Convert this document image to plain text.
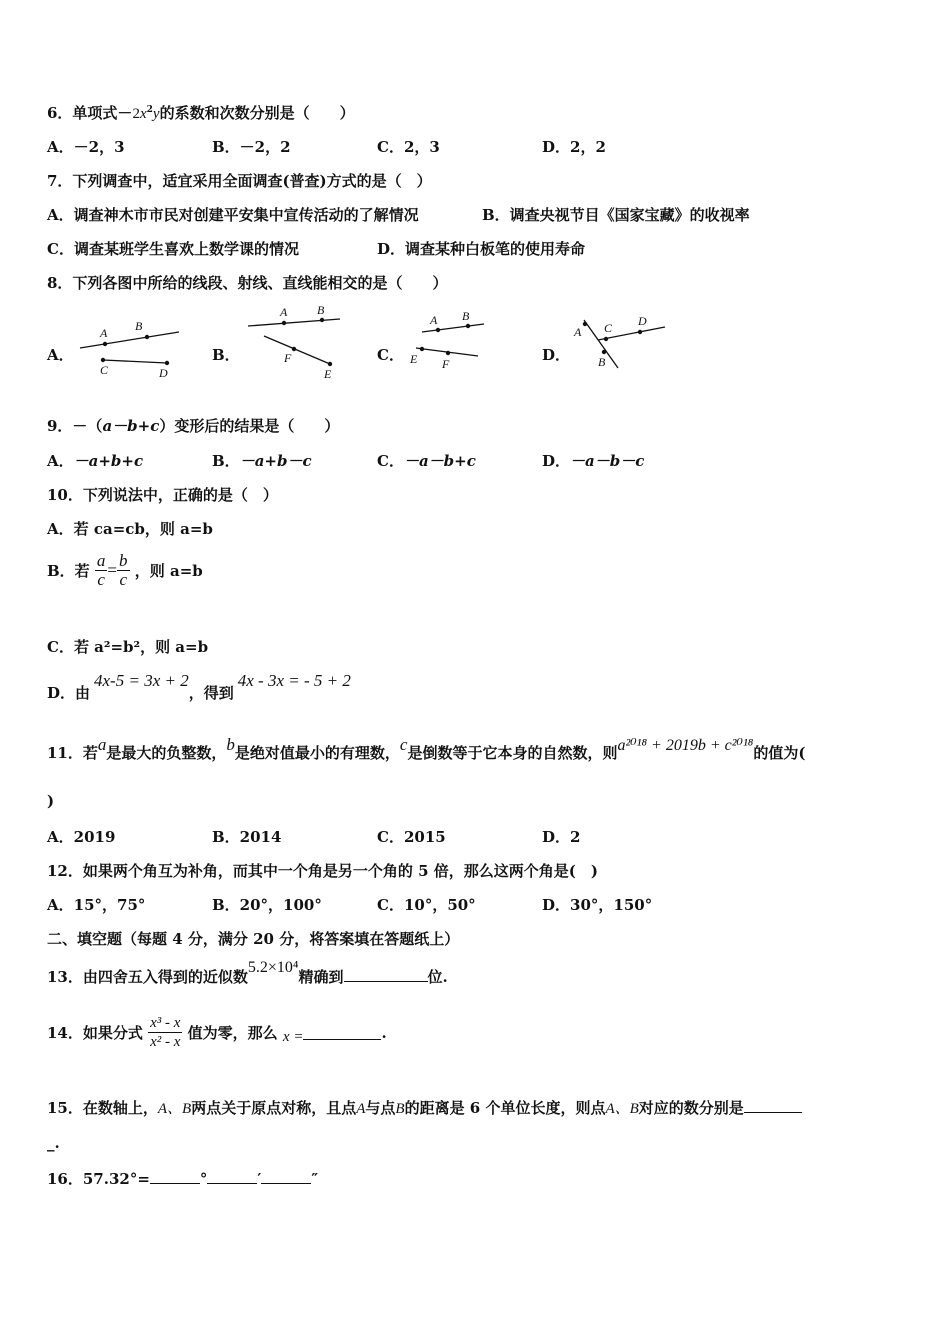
6．单项式$-2x^2y$的系数和次数分别是（　　）
A．－2，3	B．－2，2	C．2，3	D．2，2
7．下列调查中，适宜采用全面调查(普查)方式的是（　）
A．调查神木市市民对创建平安集中宣传活动的了解情况	B．调查央视节目《国家宝藏》的收视率
C．调查某班学生喜欢上数学课的情况	D．调查某种白板笔的使用寿命
8．下列各图中所给的线段、射线、直线能相交的是（　　）
A．	B．	C．	D．
A B
C	D
A B
F
E
A B
E F
C D
A
B
9．－（a－b+c）变形后的结果是（　　）
A．－a+b+c	B．－a+b－c	C．－a－b+c	D．－a－b－c
10．下列说法中，正确的是（　）
A．若 ca=cb，则 a=b
B．若 $\frac{a}{c} = \frac{b}{c}$ ，则 a=b
C．若 a²=b²，则 a=b
D．由4x-5 = 3x + 2，得到4x - 3x = - 5 + 2
11．若a是最大的负整数，b是绝对值最小的有理数，c是倒数等于它本身的自然数，则a²⁰¹⁸ + 2019b + c²⁰¹⁸的值为(
)
A．2019	B．2014	C．2015	D．2
12．如果两个角互为补角，而其中一个角是另一个角的 5 倍，那么这两个角是(　)
A．15°，75°	B．20°，100°	C．10°，50°	D．30°，150°
二、填空题（每题 4 分，满分 20 分，将答案填在答题纸上）
13．由四舍五入得到的近似数5.2×10⁴精确到	位.
14．如果分式 $\frac{\text{x³ - x}}{\text{x² - x}}$ 值为零，那么 x =	.
15．在数轴上，A、B两点关于原点对称，且点A与点B的距离是 6 个单位长度，则点A、B对应的数分别是
_.
16．57.32°=	°	′	″
